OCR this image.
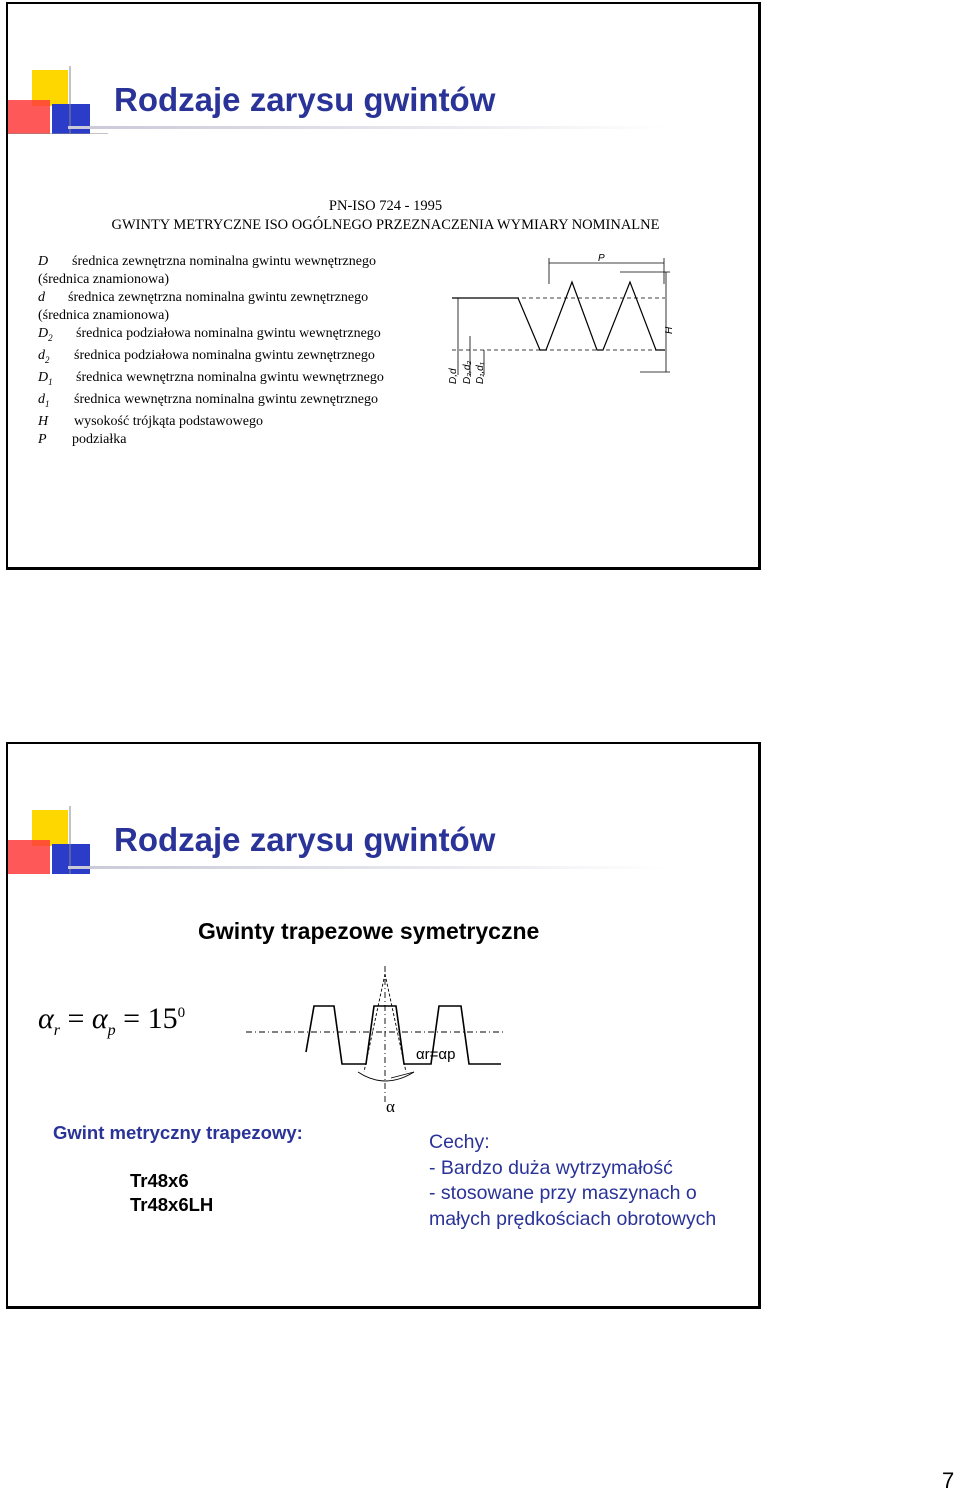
Rodzaje zarysu gwintów
PN-ISO 724 - 1995
GWINTY METRYCZNE ISO OGÓLNEGO PRZEZNACZENIA WYMIARY NOMINALNE
D średnica zewnętrzna nominalna gwintu wewnętrznego
(średnica znamionowa)
d średnica zewnętrzna nominalna gwintu zewnętrznego
(średnica znamionowa)
$D_2$ średnica podziałowa nominalna gwintu wewnętrznego
$d_2$ średnica podziałowa nominalna gwintu zewnętrznego
$D_1$ średnica wewnętrzna nominalna gwintu wewnętrznego
$d_1$ średnica wewnętrzna nominalna gwintu zewnętrznego
H wysokość trójkąta podstawowego
P podziałka
P
H
D,d D₂,d₂ D₁,d₁
Rodzaje zarysu gwintów
Gwinty trapezowe symetryczne
$\alpha_r = \alpha_p = 15^0$
αr=αp
α
Gwint metryczny trapezowy:
Tr48x6
Tr48x6LH
Cechy:
- Bardzo duża wytrzymałość
- stosowane przy maszynach o
małych prędkościach obrotowych
7
